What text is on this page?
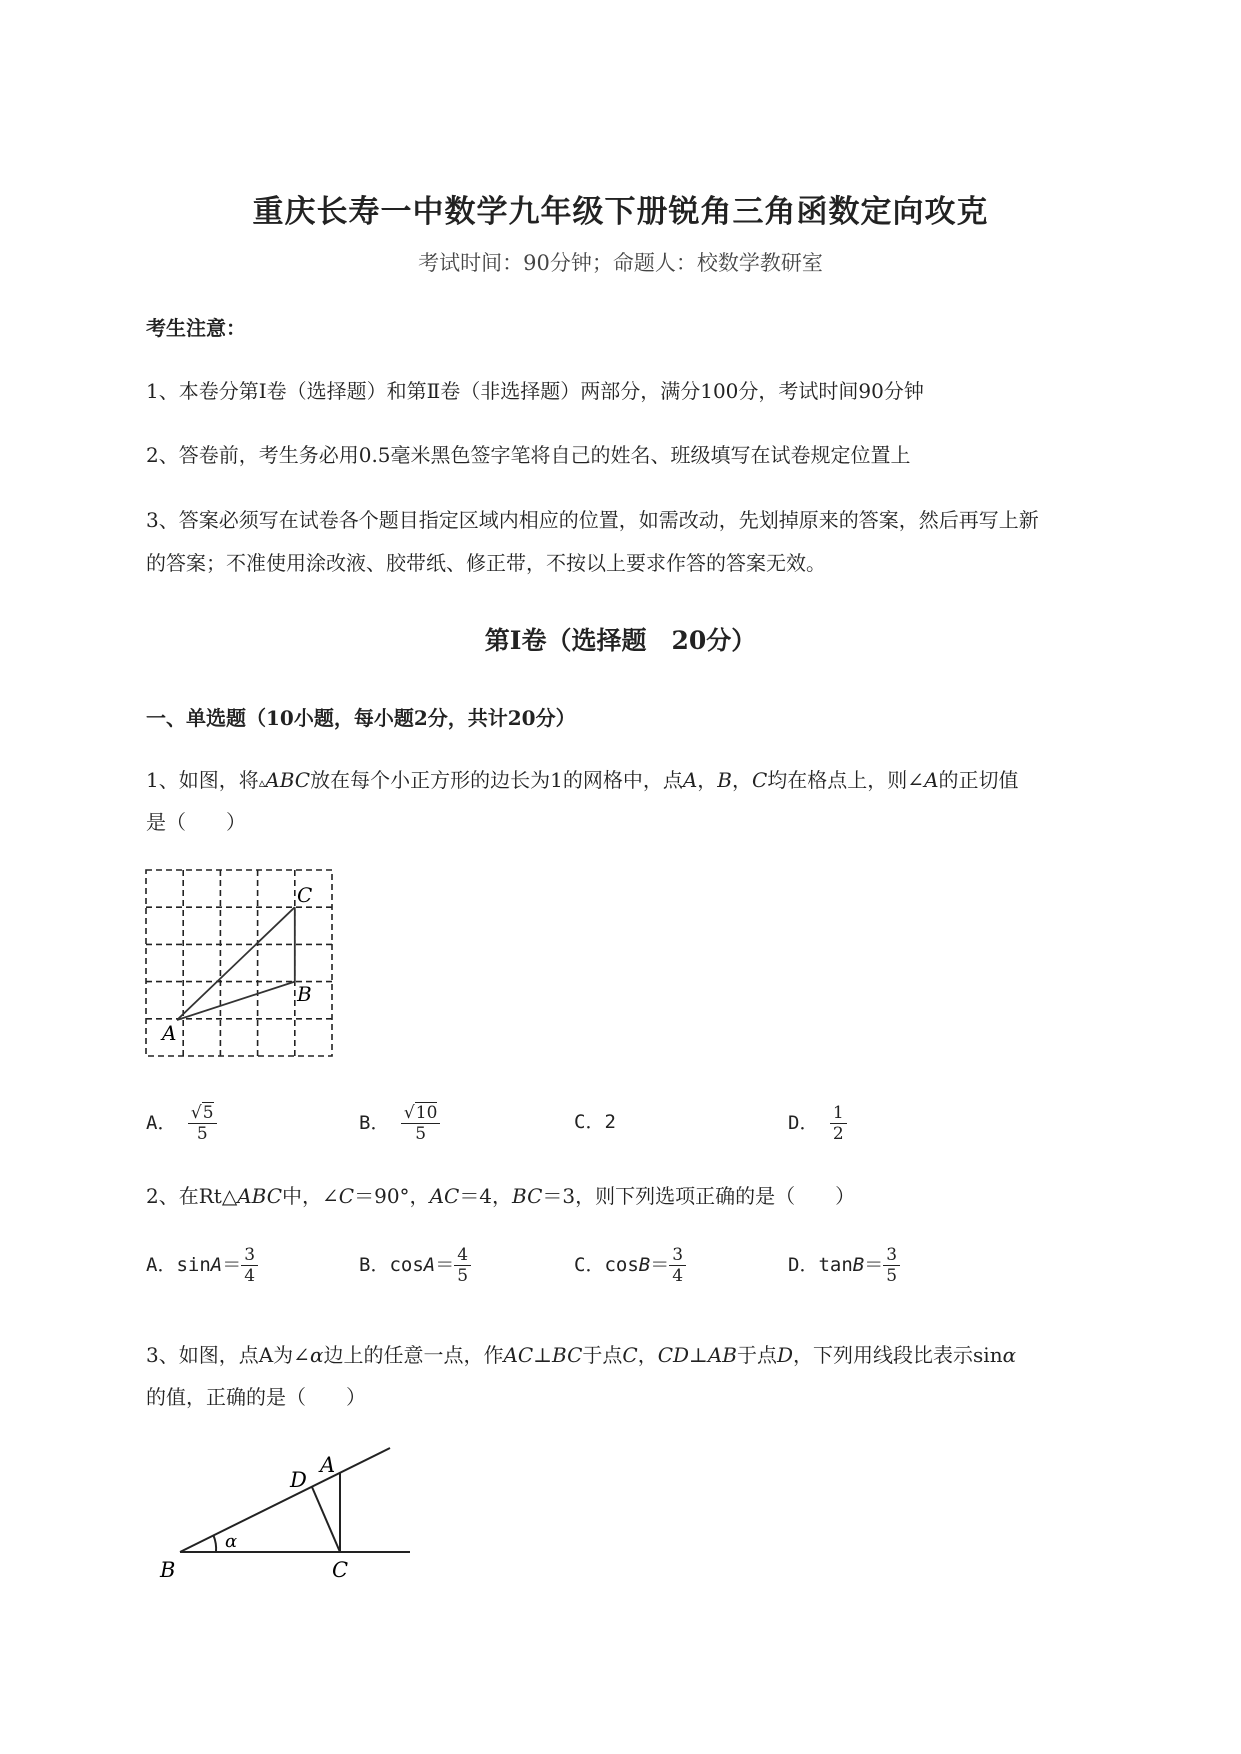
重庆长寿一中数学九年级下册锐角三角函数定向攻克
考试时间：90分钟；命题人：校数学教研室
考生注意：
1、本卷分第Ⅰ卷（选择题）和第Ⅱ卷（非选择题）两部分，满分100分，考试时间90分钟
2、答卷前，考生务必用0.5毫米黑色签字笔将自己的姓名、班级填写在试卷规定位置上
3、答案必须写在试卷各个题目指定区域内相应的位置，如需改动，先划掉原来的答案，然后再写上新
的答案；不准使用涂改液、胶带纸、修正带，不按以上要求作答的答案无效。
第Ⅰ卷（选择题　20分）
一、单选题（10小题，每小题2分，共计20分）
1、如图，将▵ABC放在每个小正方形的边长为1的网格中，点A，B，C均在格点上，则∠A的正切值
是（　　）
C
B
A
A． $\frac{√5}{5}$	B． $\frac{√10}{5}$	C．2	D． $\frac{1}{2}$
2、在Rt△ABC中，∠C＝90°，AC＝4，BC＝3，则下列选项正确的是（　　）
A．$\sin A= \frac{3}{4}$	B．$\cos A= \frac{4}{5}$	C．$\cos B= \frac{3}{4}$	D．$\tan B= \frac{3}{5}$
3、如图，点A为∠α边上的任意一点，作AC⊥BC于点C，CD⊥AB于点D，下列用线段比表示sinα
的值，正确的是（　　）
B	C
D
A
α
